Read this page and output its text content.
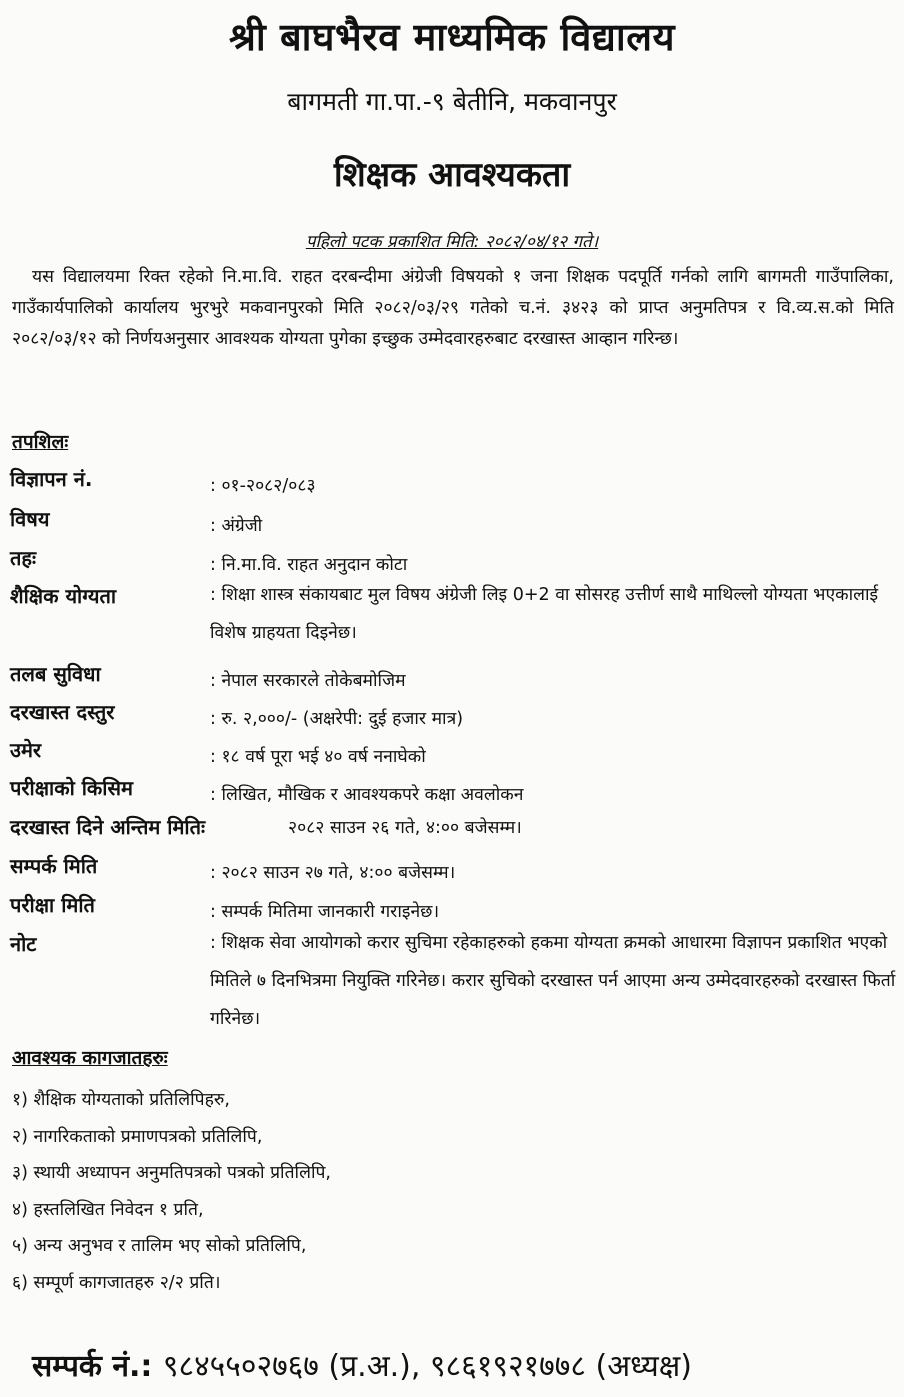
श्री बाघभैरव माध्यमिक विद्यालय
बागमती गा.पा.-९ बेतीनि, मकवानपुर
शिक्षक आवश्यकता
पहिलो पटक प्रकाशित मिति: २०८२/०४/१२ गते।
यस विद्यालयमा रिक्त रहेको नि.मा.वि. राहत दरबन्दीमा अंग्रेजी विषयको १ जना शिक्षक पदपूर्ति गर्नको लागि बागमती गाउँपालिका, गाउँकार्यपालिको कार्यालय भुरभुरे मकवानपुरको मिति २०८२/०३/२९ गतेको च.नं. ३४२३ को प्राप्त अनुमतिपत्र र वि.व्य.स.को मिति २०८२/०३/१२ को निर्णयअनुसार आवश्यक योग्यता पुगेका इच्छुक उम्मेदवारहरुबाट दरखास्त आव्हान गरिन्छ।
तपशिलः
विज्ञापन नं.	: ०१-२०८२/०८३
विषय	: अंग्रेजी
तहः	: नि.मा.वि. राहत अनुदान कोटा
शैक्षिक योग्यता	: शिक्षा शास्त्र संकायबाट मुल विषय अंग्रेजी लिइ 0+2 वा सोसरह उत्तीर्ण साथै माथिल्लो योग्यता भएकालाई विशेष ग्राहयता दिइनेछ।
तलब सुविधा	: नेपाल सरकारले तोकेबमोजिम
दरखास्त दस्तुर	: रु. २,०००/- (अक्षरेपी: दुई हजार मात्र)
उमेर	: १८ वर्ष पूरा भई ४० वर्ष ननाघेको
परीक्षाको किसिम	: लिखित, मौखिक र आवश्यकपरे कक्षा अवलोकन
दरखास्त दिने अन्तिम मितिः	२०८२ साउन २६ गते, ४:०० बजेसम्म।
सम्पर्क मिति	: २०८२ साउन २७ गते, ४:०० बजेसम्म।
परीक्षा मिति	: सम्पर्क मितिमा जानकारी गराइनेछ।
नोट	: शिक्षक सेवा आयोगको करार सुचिमा रहेकाहरुको हकमा योग्यता क्रमको आधारमा विज्ञापन प्रकाशित भएको मितिले ७ दिनभित्रमा नियुक्ति गरिनेछ। करार सुचिको दरखास्त पर्न आएमा अन्य उम्मेदवारहरुको दरखास्त फिर्ता गरिनेछ।
आवश्यक कागजातहरुः
१) शैक्षिक योग्यताको प्रतिलिपिहरु,
२) नागरिकताको प्रमाणपत्रको प्रतिलिपि,
३) स्थायी अध्यापन अनुमतिपत्रको पत्रको प्रतिलिपि,
४) हस्तलिखित निवेदन १ प्रति,
५) अन्य अनुभव र तालिम भए सोको प्रतिलिपि,
६) सम्पूर्ण कागजातहरु २/२ प्रति।
सम्पर्क नं.: ९८४५५०२७६७ (प्र.अ.), ९८६१९२१७७८ (अध्यक्ष)
